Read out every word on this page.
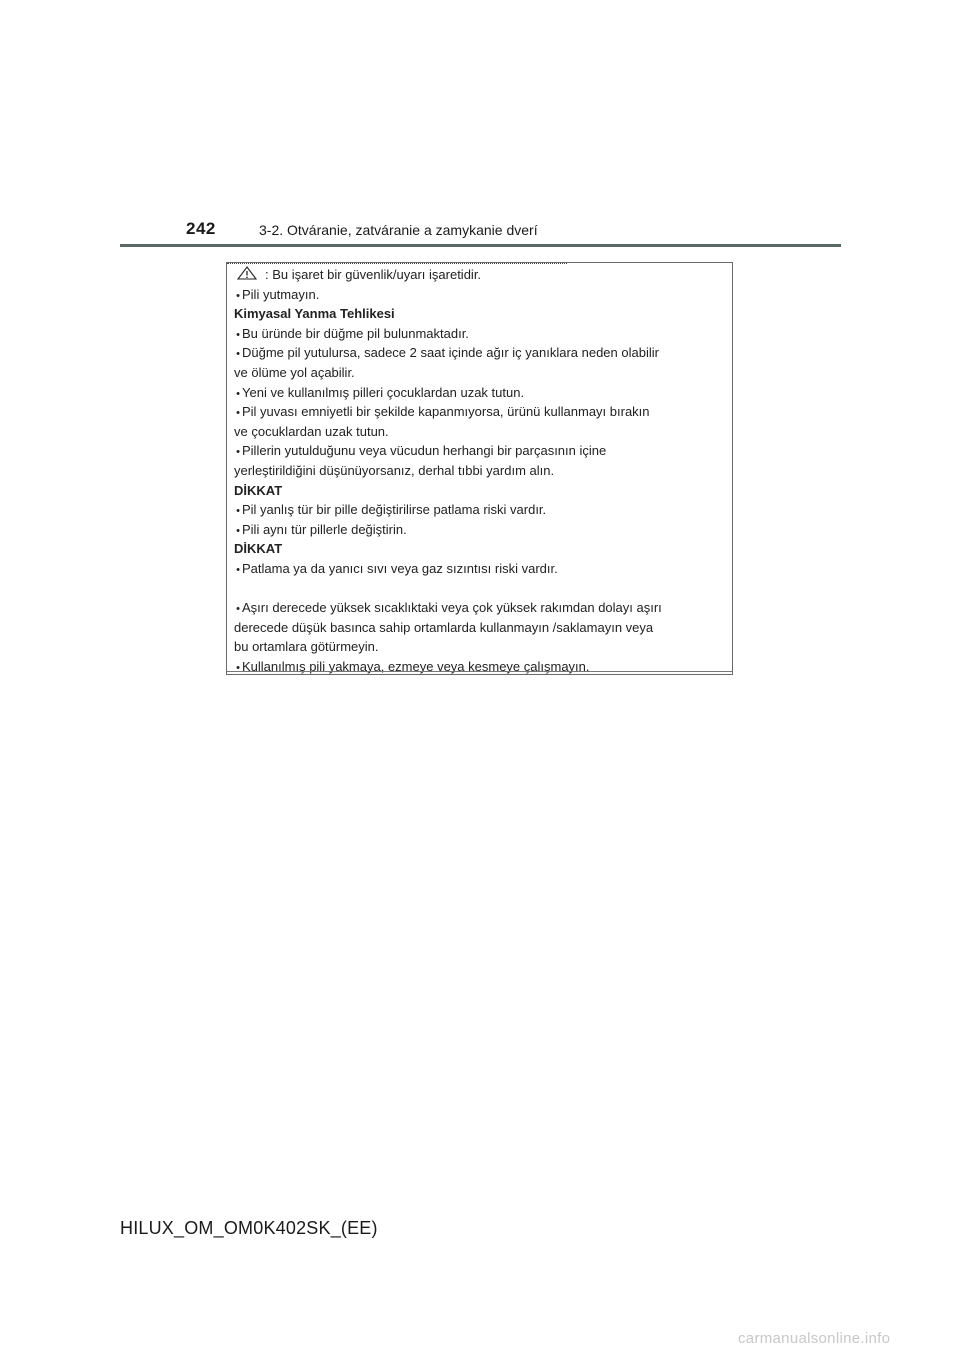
242	3-2. Otváranie, zatváranie a zamykanie dverí
: Bu işaret bir güvenlik/uyarı işaretidir.
• Pili yutmayın.
Kimyasal Yanma Tehlikesi
• Bu üründe bir düğme pil bulunmaktadır.
• Düğme pil yutulursa, sadece 2 saat içinde ağır iç yanıklara neden olabilir
ve ölüme yol açabilir.
• Yeni ve kullanılmış pilleri çocuklardan uzak tutun.
• Pil yuvası emniyetli bir şekilde kapanmıyorsa, ürünü kullanmayı bırakın
ve çocuklardan uzak tutun.
• Pillerin yutulduğunu veya vücudun herhangi bir parçasının içine
yerleştirildiğini düşünüyorsanız, derhal tıbbi yardım alın.
DİKKAT
• Pil yanlış tür bir pille değiştirilirse patlama riski vardır.
• Pili aynı tür pillerle değiştirin.
DİKKAT
• Patlama ya da yanıcı sıvı veya gaz sızıntısı riski vardır.
• Aşırı derecede yüksek sıcaklıktaki veya çok yüksek rakımdan dolayı aşırı
derecede düşük basınca sahip ortamlarda kullanmayın /saklamayın veya
bu ortamlara götürmeyin.
• Kullanılmış pili yakmaya, ezmeye veya kesmeye çalışmayın.
HILUX_OM_OM0K402SK_(EE)
carmanualsonline.info
